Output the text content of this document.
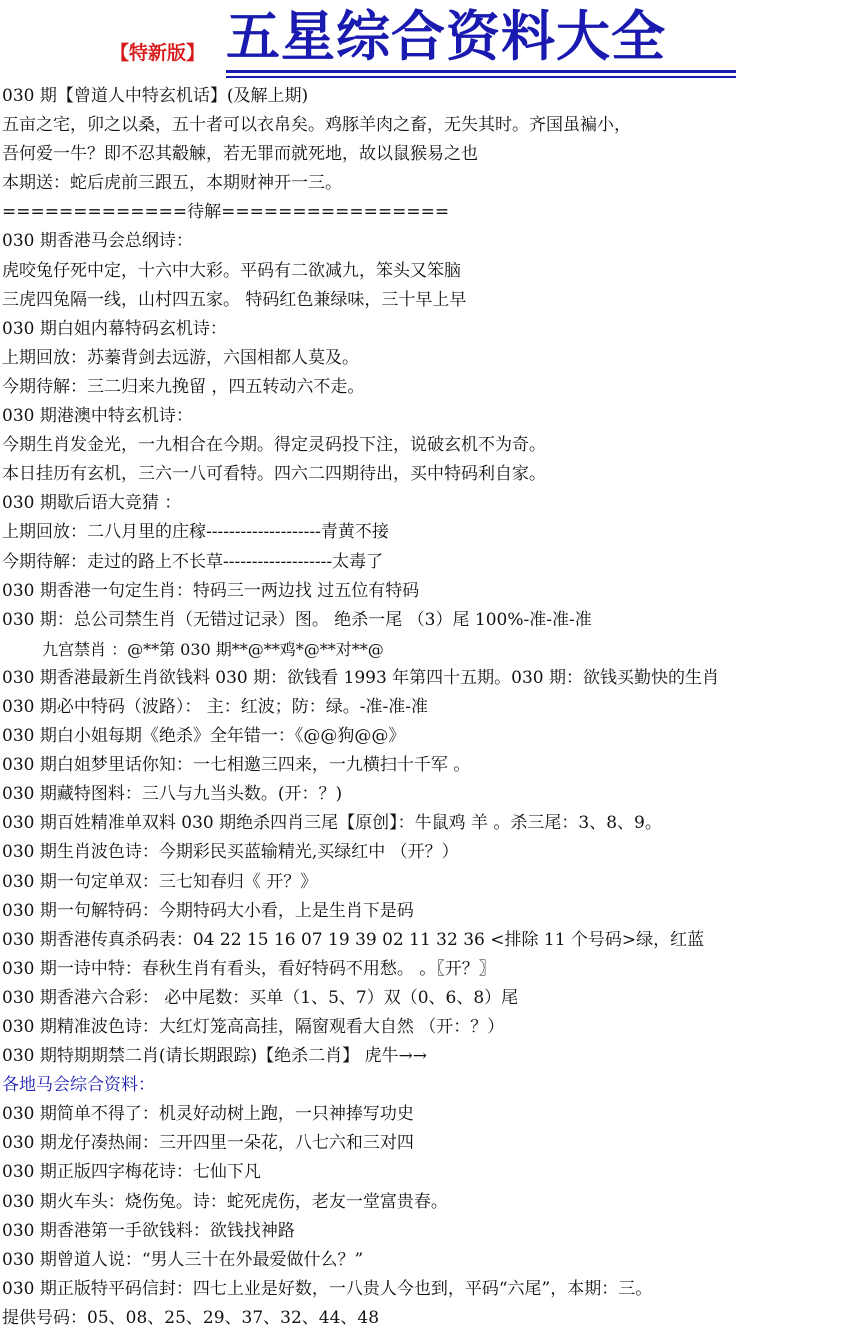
【特新版】 五星综合资料大全
030 期【曾道人中特玄机话】(及解上期)
五亩之宅，卯之以桑，五十者可以衣帛矣。鸡豚羊肉之畜，无失其时。齐国虽褊小，
吾何爱一牛？即不忍其觳觫，若无罪而就死地，故以鼠猴易之也
本期送：蛇后虎前三跟五，本期财神开一三。
=============待解================
030 期香港马会总纲诗：
虎咬兔仔死中定，十六中大彩。平码有二欲减九，笨头又笨脑
三虎四兔隔一线，山村四五家。 特码红色兼绿味，三十早上早
030 期白姐内幕特码玄机诗：
上期回放：苏蓁背剑去远游，六国相都人莫及。
今期待解：三二归来九挽留 ，四五转动六不走。
030 期港澳中特玄机诗：
今期生肖发金光，一九相合在今期。得定灵码投下注，说破玄机不为奇。
本日挂历有玄机，三六一八可看特。四六二四期待出，买中特码利自家。
030 期歇后语大竞猜 ：
上期回放：二八月里的庄稼--------------------青黄不接
今期待解：走过的路上不长草-------------------太毒了
030 期香港一句定生肖：特码三一两边找 过五位有特码
030 期：总公司禁生肖（无错过记录）图。 绝杀一尾 （3）尾 100%-准-准-准
九宫禁肖 ：@**第 030 期**@**鸡*@**对**@
030 期香港最新生肖欲钱料 030 期：欲钱看 1993 年第四十五期。030 期：欲钱买勤快的生肖
030 期必中特码（波路）： 主：红波；防：绿。-准-准-准
030 期白小姐每期《绝杀》全年错一：《@@狗@@》
030 期白姐梦里话你知：一七相邀三四来，一九横扫十千军 。
030 期藏特图料：三八与九当头数。(开：？)
030 期百姓精准单双料 030 期绝杀四肖三尾【原创】：牛鼠鸡 羊 。杀三尾：3、8、9。
030 期生肖波色诗：今期彩民买蓝输精光,买绿红中 （开？）
030 期一句定单双：三七知春归《 开？》
030 期一句解特码：今期特码大小看，上是生肖下是码
030 期香港传真杀码表：04 22 15 16 07 19 39 02 11 32 36 <排除 11 个号码>绿，红蓝
030 期一诗中特：春秋生肖有看头，看好特码不用愁。 。〖开？〗
030 期香港六合彩： 必中尾数：买单（1、5、7）双（0、6、8）尾
030 期精准波色诗：大红灯笼高高挂，隔窗观看大自然 （开：？）
030 期特期期禁二肖(请长期跟踪)【绝杀二肖】 虎牛→→
各地马会综合资料：
030 期简单不得了：机灵好动树上跑，一只神捧写功史
030 期龙仔凑热闹：三开四里一朵花，八七六和三对四
030 期正版四字梅花诗：七仙下凡
030 期火车头：烧伤兔。诗：蛇死虎伤，老友一堂富贵春。
030 期香港第一手欲钱料：欲钱找神路
030 期曾道人说：“男人三十在外最爱做什么？”
030 期正版特平码信封：四七上业是好数，一八贵人今也到，平码“六尾”，本期：三。
提供号码：05、08、25、29、37、32、44、48
